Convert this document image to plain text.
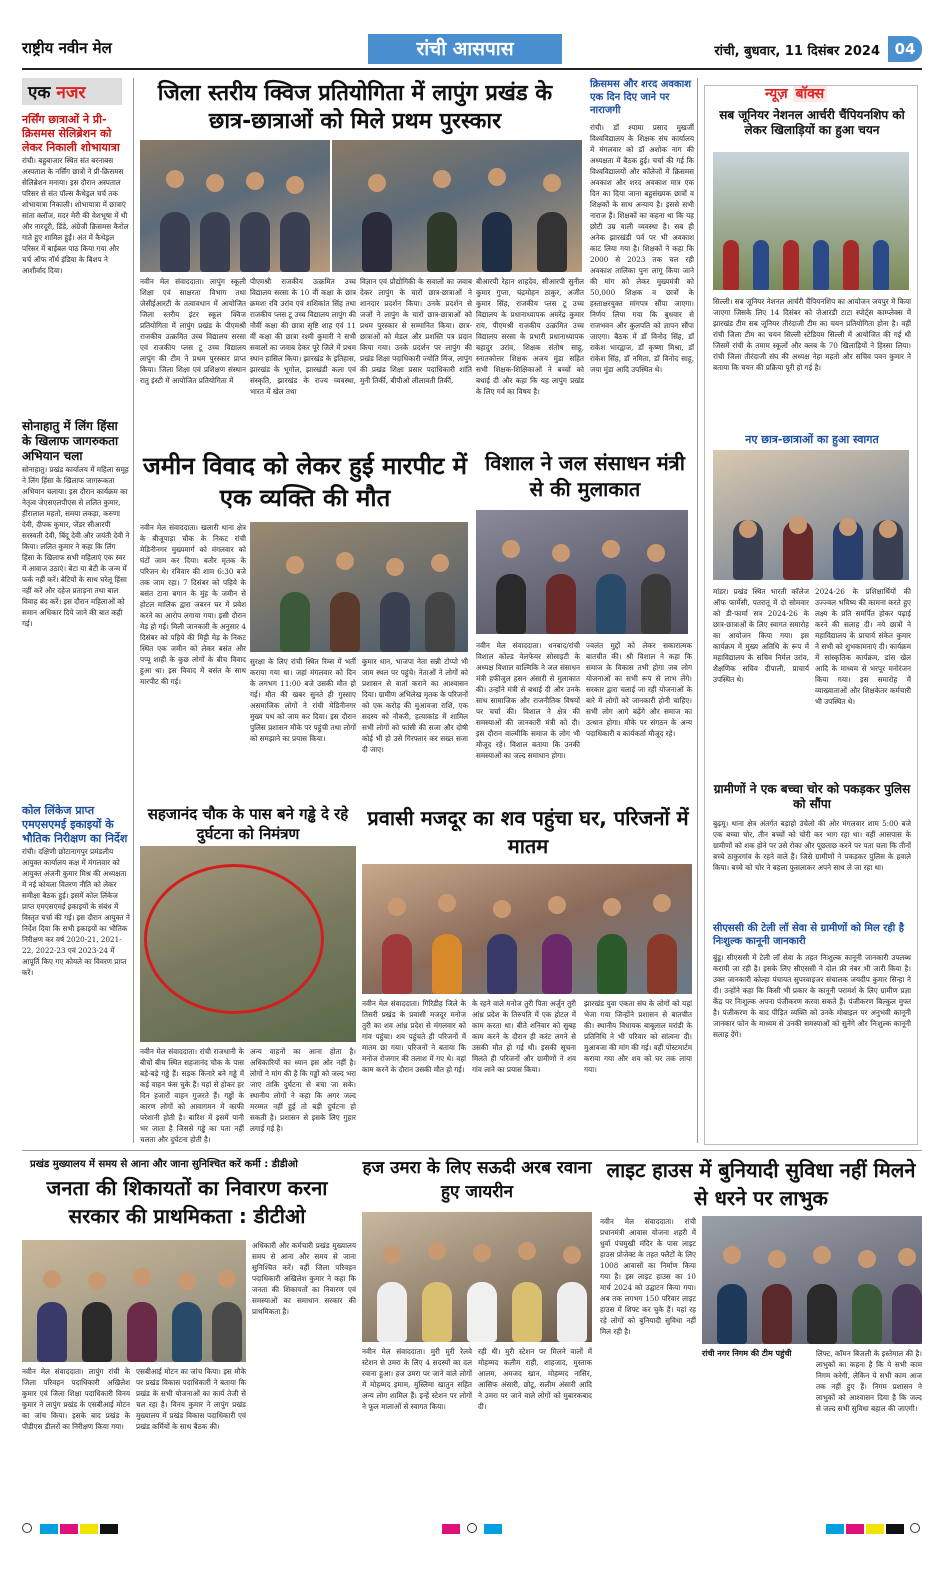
राष्ट्रीय नवीन मेल	रांची आसपास	रांची, बुधवार, 11 दिसंबर 2024 04
एक नजर
नर्सिंग छात्राओं ने प्री-क्रिसमस सेलिब्रेशन को लेकर निकाली शोभायात्रा
रांची। बहुबाजार स्थित संत बरनाबस अस्पताल के नर्सिंग छात्रों ने प्री-क्रिसमस सेलिब्रेशन मनाया। इस दौरान अस्पताल परिसर से संत पॉल्स कैथेड्रल चर्च तक शोभायात्रा निकाली। शोभायात्रा में छात्राएं सांता क्लॉज, मदर मेरी की वेशभूषा में थी और नारदूरी, डिंडे, अंग्रेजी क्रिसमस कैरोल गाते हुए शामिल हुईं। अंत में कैथेड्रल परिसर में बाईबल पाठ किया गया और चर्च ऑफ नॉर्थ इंडिया के बिशप ने आशीर्वाद दिया।
सोनाहातु में लिंग हिंसा के खिलाफ जागरुकता अभियान चला
सोनाहातु। प्रखंड कार्यालय में महिला समूह ने लिंग हिंसा के खिलाफ जागरूकता अभियान चलाया। इस दौरान कार्यक्रम का नेतृत्व जेएसएलपीएस से ललित कुमार, हीरालाल महतो, समया लकड़ा, करुणा देवी, दीपक कुमार, जेंडर सीआरपी सरस्वती देवी, बिंदू देवी और जयंती देवी ने किया। ललित कुमार ने कहा कि लिंग हिंसा के खिलाफ सभी महिलाएं एक स्वर में आवाज उठाएं। बेटा या बेटी के जन्म में फर्क नहीं करें। बेटियों के साथ घरेलू हिंसा नहीं करें और दहेज प्रताड़ना तथा बाल विवाह बंद करें। इस दौरान महिलाओं को समान अधिकार दिये जाने की बात कही गई।
कोल लिंकेज प्राप्त एमएसएमई इकाइयों के भौतिक निरीक्षण का निर्देश
रांची। दक्षिणी छोटानागपुर प्रमंडलीय आयुक्त कार्यालय कक्ष में मंगलवार को आयुक्त अंजनी कुमार मिश्र की अध्यक्षता में नई कोयला वितरण नीति को लेकर समीक्षा बैठक हुई। इसमें कोल लिंकेज प्राप्त एमएसएमई इकाइयों के संबंध में विस्तृत चर्चा की गई। इस दौरान आयुक्त ने निर्देश दिया कि सभी इकाइयों का भौतिक निरीक्षण कर वर्ष 2020-21, 2021-22, 2022-23 एवं 2023-24 में आपूर्ति किए गए कोयले का विवरण प्राप्त करें।
जिला स्तरीय क्विज प्रतियोगिता में लापुंग प्रखंड के छात्र-छात्राओं को मिले प्रथम पुरस्कार
नवीन मेल संवाददाता। लापुंग स्कूली शिक्षा एवं साक्षरता विभाग तथा जेसीईआरटी के तत्वावधान में आयोजित जिला स्तरीय इंटर स्कूल क्विज प्रतियोगिता में लापुंग प्रखंड के पीएमश्री राजकीय उत्क्रमित उच्च विद्यालय सरसा एवं राजकीय प्लस टू उच्च विद्यालय लापुंग की टीम ने प्रथम पुरस्कार प्राप्त किया। जिला शिक्षा एवं प्रशिक्षण संस्थान रातु इंस्टी में आयोजित प्रतियोगिता में
पीएमश्री राजकीय उत्क्रमित उच्च विद्यालय सरसा के 10 वीं कक्षा के छात्र क्रमशः रवि उरांव एवं शशिकांत सिंह तथा राजकीय प्लस टू उच्च विद्यालय लापुंग की नौवीं कक्षा की छात्रा सृष्टि शाह एवं 11 वीं कक्षा की छात्रा रश्मी कुमारी ने सभी सवालों का जवाब देकर पूरे जिले में प्रथम स्थान हासिल किया। झारखंड के इतिहास, झारखंड के भूगोल, झारखंडी कला एवं संस्कृति, झारखंड के राज्य व्यवस्था, भारत में खेल तथा
विज्ञान एवं प्रौद्योगिकी के सवालों का जवाब देकर लापुंग के चारों छात्र-छात्राओं ने शानदार प्रदर्शन किया। उनके प्रदर्शन से जजों ने लापुंग के चारों छात्र-छात्राओं को प्रथम पुरस्कार से सम्मानित किया। छात्र-छात्राओं को मेडल और प्रशस्ति पत्र प्रदान किया गया। उनके प्रदर्शन पर लापुंग की प्रखंड शिक्षा पदाधिकारी ज्योति मिंज, लापुंग की प्रखंड शिक्षा प्रसार पदाधिकारी शांति मुनी तिर्की, बीपीओ लीलावती तिर्की,
बीआरपी रेहान शाहदेव, सीआरपी सुनील कुमार गुप्ता, चंद्रमोहन ठाकुर, अजीत कुमार सिंह, राजकीय प्लस टू उच्च विद्यालय के प्रधानाध्यापक अमरेंद्र कुमार राय, पीएमश्री राजकीय उत्क्रमित उच्च विद्यालय सरसा के प्रभारी प्रधानाध्यापक बहादुर उरांव, शिक्षक संतोष साहू, स्नातकोत्तर शिक्षक अजय मुंडा सहित सभी शिक्षक-शिक्षिकाओं ने बच्चों को बधाई दी और कहा कि यह लापुंग प्रखंड के लिए गर्व का विषय है।
क्रिसमस और शरद अवकाश एक दिन दिए जाने पर नाराजगी
रांची। डॉ श्यामा प्रसाद मुखर्जी विश्वविद्यालय के शिक्षक संघ कार्यालय में मंगलवार को डॉ अशोक नाग की अध्यक्षता में बैठक हुई। चर्चा की गई कि विश्वविद्यालयों और कॉलेजों में क्रिसमस अवकाश और शरद अवकाश मात्र एक दिन का दिया जाना बहुसंख्यक छात्रों व शिक्षकों के साथ अन्याय है। इससे सभी नाराज हैं। शिक्षकों का कहना था कि यह छोटी उम्र वाली व्यवस्था है। सब ही अनेक झारखंडी पर्व पर भी अवकाश काट लिया गया है। शिक्षकों ने कहा कि 2000 से 2023 तक चल रही अवकाश तालिका पुनः लागू किया जाने की मांग को लेकर मुख्यमंत्री को 50,000 शिक्षक व छात्रों के हस्ताक्षरयुक्त मांगपत्र सौंपा जाएगा। निर्णय लिया गया कि बुधवार से राजभवन और कुलपति को ज्ञापन सौंपा जाएगा। बैठक में डॉ विनोद सिंह, डॉ राकेश भारद्वाज, डॉ कृष्णा मिश्रा, डॉ राकेश सिंह, डॉ नमिता, डॉ विनोद साहू, जया मुंडा आदि उपस्थित थे।
न्यूज़ बॉक्स
सब जूनियर नेशनल आर्चरी चैंपियनशिप को लेकर खिलाड़ियों का हुआ चयन
सिल्ली। सब जूनियर नेशनल आर्चरी चैंपियनशिप का आयोजन जयपुर में किया जाएगा जिसके लिए 14 दिसंबर को जेआरडी टाटा स्पोर्ट्स काम्प्लेक्स में झारखंड टीम सब जूनियर तीरंदाजी टीम का चयन प्रतियोगिता होना है। वहीं रांची जिला टीम का चयन सिल्ली स्टेडियम सिल्ली में आयोजित की गई थी जिसमें रांची के तमाम स्कूलों और क्लब के 70 खिलाड़ियों ने हिस्सा लिया। रांची जिला तीरंदाजी संघ की अध्यक्ष नेहा महतो और सचिव पवन कुमार ने बताया कि चयन की प्रक्रिया पूरी हो गई है।
नए छात्र-छात्राओं का हुआ स्वागत
मांडर। प्रखंड स्थित भारती कॉलेज ऑफ फार्मेसी, पतरातू में दो सोमवार को डी-फार्मा सत्र 2024-26 के छात्र-छात्राओं के लिए स्वागत समारोह का आयोजन किया गया। इस कार्यक्रम में मुख्य अतिथि के रूप में महाविद्यालय के सचिव निर्मल उरांव, शैक्षणिक सचिव दीपाली, प्राचार्य उपस्थित थे।
2024-26 के प्रशिक्षार्थियों की उज्ज्वल भविष्य की कामना करते हुए लक्ष्य के प्रति समर्पित होकर पढ़ाई करने की सलाह दी। नये छात्रों ने महाविद्यालय के प्राचार्य संकेत कुमार ने सभी को शुभकामनाएं दी। कार्यक्रम में सांस्कृतिक कार्यक्रम, डांस खेल आदि के माध्यम से भरपूर मनोरंजन किया गया। इस समारोह में व्याख्याताओं और शिक्षकेतर कर्मचारी भी उपस्थित थे।
ग्रामीणों ने एक बच्चा चोर को पकड़कर पुलिस को सौंपा
बुढ़मू। थाना क्षेत्र अंतर्गत बड़ाहो उंचेलो की ओर मंगलवार शाम 5:00 बजे एक बच्चा चोर, तीन बच्चों को चोरी कर भाग रहा था। वहीं आसपास के ग्रामीणों को शक होने पर उसे रोका और पूछताछ करने पर पता चला कि तीनों बच्चे ठाकुरगांव के रहने वाले हैं। जिसे ग्रामीणों ने पकड़कर पुलिस के हवाले किया। बच्चे को चोर ने बहला फुसलाकर अपने साथ ले जा रहा था।
सीएससी की टेली लॉ सेवा से ग्रामीणों को मिल रही है निःशुल्क कानूनी जानकारी
बुंडू। सीएससी में टेली लॉ सेवा के तहत निःशुल्क कानूनी जानकारी उपलब्ध करायी जा रही है। इसके लिए सीएससी ने दोल फ्री नंबर भी जारी किया है। उक्त जानकारी कोल्हा पंचायत सुपरवाइजर संचालक जयदीप कुमार सिन्हा ने दी। उन्होंने कहा कि किसी भी प्रकार के कानूनी परामर्श के लिए ग्रामीण प्रज्ञा केंद्र पर निःशुल्क अपना पंजीकरण करवा सकते हैं। पंजीकरण बिल्कुल मुफ्त है। पंजीकरण के बाद पीड़ित व्यक्ति को उनके मोबाइल पर अनुभवी कानूनी जानकार फोन के माध्यम से उनकी समस्याओं को सुनेंगे और निःशुल्क कानूनी सलाह देंगे।
जमीन विवाद को लेकर हुई मारपीट में एक व्यक्ति की मौत
नवीन मेल संवाददाता। खलारी थाना क्षेत्र के बीजूपाड़ा चौक के निकट रांची मेडिनीनगर मुख्यमार्ग को मंगलवार को घंटों जाम कर दिया। बतौर मृतक के परिजन थे। रविवार की शाम 6:30 बजे तक जाम रहा। 7 दिसंबर को पहिये के बसंत टाना बगान के मुंह के जमीन से होटल मालिक द्वारा जबरन घर में प्रवेश करने का आरोप लगाया गया। इसी दौरान मेड़ हो गई। मिली जानकारी के अनुसार 4 दिसंबर को पहिये की मिट्टी मेड़ के निकट स्थित एक जमीन को लेकर बसंत और पप्पू शाही के कुछ लोगों के बीच विवाद हुआ था। इस विवाद में बसंत के साथ मारपीट की गई।
सुरक्षा के लिए रांची स्थित रिम्स में भर्ती कराया गया था। जहां मंगलवार को दिन के लगभग 11:00 बजे उसकी मौत हो गई। मौत की खबर सुनते ही गुस्साए असमाजिक लोगों ने रांची मेडिनीनगर मुख्य पथ को जाम कर दिया। इस दौरान पुलिस प्रशासन मौके पर पहुंची तथा लोगों को समझाने का प्रयास किया।
कुमार धान, भाजपा नेता सन्नी टोप्पो भी जाम स्थल पर पहुंचे। नेताओं ने लोगों को प्रशासन से वार्ता कराने का आश्वासन दिया। ग्रामीण अभिलेख मृतक के परिजनों को एक करोड़ की मुआवजा राशि, एक सदस्य को नौकरी, हत्याकांड में शामिल सभी लोगों को फांसी की सजा और दोषी कोई भी हो उसे गिरफ्तार कर सख्त सजा दी जाए।
विशाल ने जल संसाधन मंत्री से की मुलाकात
नवीन मेल संवाददाता। धनबाद/रांची विशाल कोल्ड वेलफेयर सोसाइटी के अध्यक्ष विशाल वाल्मिकि ने जल संसाधन मंत्री हफीजुल हसन अंसारी से मुलाकात की। उन्होंने मंत्री से बधाई दी और उनके साथ सामाजिक और राजनीतिक विषयों पर चर्चा की। विशाल ने क्षेत्र की समस्याओं की जानकारी मंत्री को दी। इस दौरान वाल्मीकि समाज के लोग भी मौजूद रहे। विशाल बताया कि उनकी समस्याओं का जल्द समाधान होगा।
ज्वलंत मुद्दों को लेकर सकारात्मक बातचीत की। श्री विशाल ने कहा कि समाज के विकास तभी होगा जब लोग योजनाओं का सभी रूप से लाभ लेंगे। सरकार द्वारा चलाई जा रही योजनाओं के बारे में लोगों को जानकारी होनी चाहिए। सभी लोग आगे बढ़ेंगे और समाज का उत्थान होगा। मौके पर संगठन के अन्य पदाधिकारी व कार्यकर्ता मौजूद रहे।
सहजानंद चौक के पास बने गड्ढे दे रहे दुर्घटना को निमंत्रण
नवीन मेल संवाददाता। रांची राजधानी के बीचों बीच स्थित सहजानंद चौक के पास बड़े-बड़े गड्ढे हैं। सड़क किनारे बने गड्ढे में कई वाहन फंस चुके हैं। यहां से होकर हर दिन हजारों वाहन गुजरते हैं। गड्ढों के कारण लोगों को आवागमन में काफी परेशानी होती है। बारिश में इसमें पानी भर जाता है जिससे गड्ढे का पता नहीं चलता और दुर्घटना होती है।
अन्य वाहनों का आना होता है। अधिकारियों का ध्यान इस ओर नहीं है। लोगों ने मांग की है कि गड्ढों को जल्द भरा जाए ताकि दुर्घटना से बचा जा सके। स्थानीय लोगों ने कहा कि अगर जल्द मरम्मत नहीं हुई तो बड़ी दुर्घटना हो सकती है। प्रशासन से इसके लिए गुहार लगाई गई है।
प्रवासी मजदूर का शव पहुंचा घर, परिजनों में मातम
नवीन मेल संवाददाता। गिरिडीह जिले के तिसरी प्रखंड के प्रवासी मजदूर मनोज तुरी का शव आंध्र प्रदेश से मंगलवार को गांव पहुंचा। शव पहुंचते ही परिजनों में मातम छा गया। परिजनों ने बताया कि मनोज रोजगार की तलाश में गए थे। वहां काम करने के दौरान उसकी मौत हो गई।
के रहने वाले मनोज तुरी पिता अर्जुन तुरी आंध्र प्रदेश के तिरुपति में एक होटल में काम करता था। बीते शनिवार को सुबह काम करने के दौरान ही करंट लगने से उसकी मौत हो गई थी। इसकी सूचना मिलते ही परिजनों और ग्रामीणों ने शव गांव लाने का प्रयास किया।
झारखंड युवा एकता संघ के लोगों को यहां भेजा गया जिन्होंने प्रशासन से बातचीत की। स्थानीय विधायक बाबूलाल मरांडी के प्रतिनिधि ने भी परिवार को सांत्वना दी। मुआवजा की मांग की गई। वहीं पोस्टमार्टम कराया गया और शव को घर तक लाया गया।
प्रखंड मुख्यालय में समय से आना और जाना सुनिश्चित करें कर्मी : डीडीओ
जनता की शिकायतों का निवारण करना सरकार की प्राथमिकता : डीटीओ
नवीन मेल संवाददाता। लापुंग रांची के जिला परिवहन पदाधिकारी अखिलेश कुमार एवं जिला शिक्षा पदाधिकारी विनय कुमार ने लापुंग प्रखंड के एसबीआई मोटन का जांच किया। इसके बाद प्रखंड के पीडीएस डीलरों का निरीक्षण किया गया।
एसबीआई मोटन का जांच किया। इस मौके पर प्रखंड विकास पदाधिकारी ने बताया कि प्रखंड के सभी योजनाओं का कार्य तेजी से चल रहा है। विनय कुमार ने लापुंग प्रखंड मुख्यालय में प्रखंड विकास पदाधिकारी एवं प्रखंड कर्मियों के साथ बैठक की।
अधिकारी और कर्मचारी प्रखंड मुख्यालय समय से आना और समय से जाना सुनिश्चित करें। वहीं जिला परिवहन पदाधिकारी अखिलेश कुमार ने कहा कि जनता की शिकायतों का निवारण एवं समस्याओं का समाधान सरकार की प्राथमिकता है।
हज उमरा के लिए सऊदी अरब रवाना हुए जायरीन
नवीन मेल संवाददाता। मुरी मुरी रेलवे स्टेशन से उमरा के लिए 4 सदस्यों का दल रवाना हुआ। हज उमरा पर जाने वाले लोगों में मोहम्मद इमाम, मुस्लिमा खातुन सहित अन्य लोग शामिल हैं। इन्हें स्टेशन पर लोगों ने फूल मालाओं से स्वागत किया।
रही थी। मुरी स्टेशन पर मिलने वालों में मोहम्मद कलीम राही, शाहजाद, मुस्ताक आलम, अमजद खान, मोहम्मद नासिर, आसिफ अंसारी, छोटू, सलीम अंसारी आदि ने उमरा पर जाने वाले लोगों को मुबारकबाद दी।
लाइट हाउस में बुनियादी सुविधा नहीं मिलने से धरने पर लाभुक
नवीन मेल संवाददाता। रांची प्रधानमंत्री आवास योजना शहरी में धुर्वा पंचमुखी मंदिर के पास लाइट हाउस प्रोजेक्ट के तहत फ्लैटों के लिए 1008 आवासों का निर्माण किया गया है। इस लाइट हाउस का 10 मार्च 2024 को उद्घाटन किया गया। अब तक लगभग 150 परिवार लाइट हाउस में शिफ्ट कर चुके हैं। यहां रह रहे लोगों को बुनियादी सुविधा नहीं मिल रही है।
रांची नगर निगम की टीम पहुंची	लिफ्ट, कॉमन बिजली के इस्तेमाल की है। लाभुकों का कहना है कि ये सभी काम निगम करेगी, लेकिन ये सभी काम आज तक नहीं हुए हैं। निगम प्रशासन ने लाभुकों को आश्वासन दिया है कि जल्द से जल्द सभी सुविधा बहाल की जाएगी।
